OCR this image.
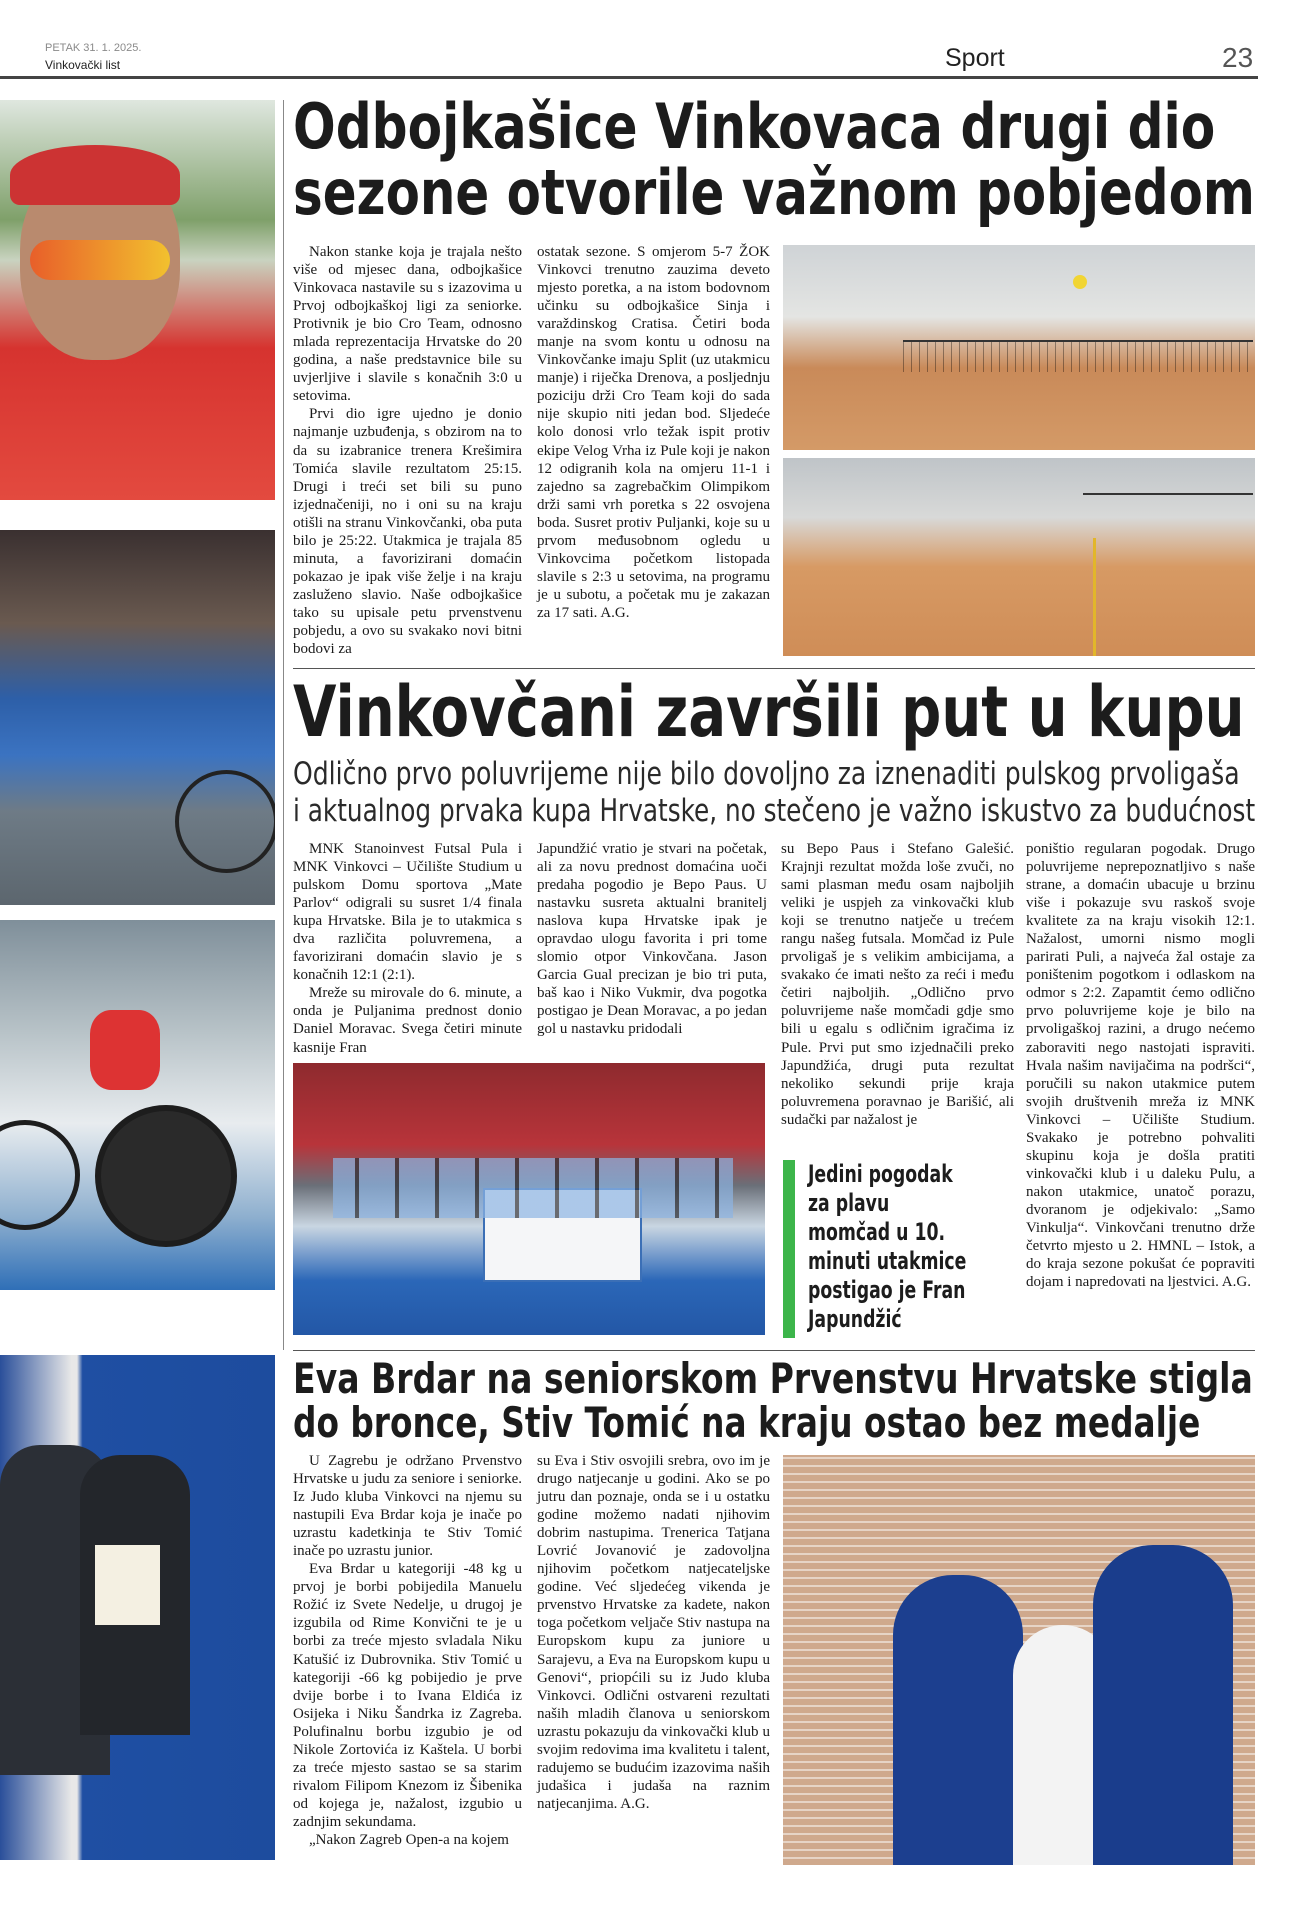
PETAK 31. 1. 2025.
Vinkovački list	Sport	23
Odbojkašice Vinkovaca drugi dio
sezone otvorile važnom pobjedom

Nakon stanke koja je trajala nešto više od mjesec dana, odbojkašice Vinkovaca nastavile su s izazovima u Prvoj odbojkaškoj ligi za seniorke. Protivnik je bio Cro Team, odnosno mlada reprezentacija Hrvatske do 20 godina, a naše predstavnice bile su uvjerljive i slavile s konačnih 3:0 u setovima.

Prvi dio igre ujedno je donio najmanje uzbuđenja, s obzirom na to da su izabranice trenera Krešimira Tomića slavile rezultatom 25:15. Drugi i treći set bili su puno izjednačeniji, no i oni su na kraju otišli na stranu Vinkovčanki, oba puta bilo je 25:22. Utakmica je trajala 85 minuta, a favorizirani domaćin pokazao je ipak više želje i na kraju zasluženo slavio. Naše odbojkašice tako su upisale petu prvenstvenu pobjedu, a ovo su svakako novi bitni bodovi za

ostatak sezone. S omjerom 5-7 ŽOK Vinkovci trenutno zauzima deveto mjesto poretka, a na istom bodovnom učinku su odbojkašice Sinja i varaždinskog Cratisa. Četiri boda manje na svom kontu u odnosu na Vinkovčanke imaju Split (uz utakmicu manje) i riječka Drenova, a posljednju poziciju drži Cro Team koji do sada nije skupio niti jedan bod. Sljedeće kolo donosi vrlo težak ispit protiv ekipe Velog Vrha iz Pule koji je nakon 12 odigranih kola na omjeru 11-1 i zajedno sa zagrebačkim Olimpikom drži sami vrh poretka s 22 osvojena boda. Susret protiv Puljanki, koje su u prvom međusobnom ogledu u Vinkovcima početkom listopada slavile s 2:3 u setovima, na programu je u subotu, a početak mu je zakazan za 17 sati. A.G.

Vinkovčani završili put u kupu
Odlično prvo poluvrijeme nije bilo dovoljno za iznenaditi pulskog prvoligaša
i aktualnog prvaka kupa Hrvatske, no stečeno je važno iskustvo za budućnost

MNK Stanoinvest Futsal Pula i MNK Vinkovci – Učilište Studium u pulskom Domu sportova „Mate Parlov“ odigrali su susret 1/4 finala kupa Hrvatske. Bila je to utakmica s dva različita poluvremena, a favorizirani domaćin slavio je s konačnih 12:1 (2:1).

Mreže su mirovale do 6. minute, a onda je Puljanima prednost donio Daniel Moravac. Svega četiri minute kasnije Fran

Japundžić vratio je stvari na početak, ali za novu prednost domaćina uoči predaha pogodio je Bepo Paus. U nastavku susreta aktualni branitelj naslova kupa Hrvatske ipak je opravdao ulogu favorita i pri tome slomio otpor Vinkovčana. Jason Garcia Gual precizan je bio tri puta, baš kao i Niko Vukmir, dva pogotka postigao je Dean Moravac, a po jedan gol u nastavku pridodali

su Bepo Paus i Stefano Galešić. Krajnji rezultat možda loše zvuči, no sami plasman među osam najboljih veliki je uspjeh za vinkovački klub koji se trenutno natječe u trećem rangu našeg futsala. Momčad iz Pule prvoligaš je s velikim ambicijama, a svakako će imati nešto za reći i među četiri najboljih. „Odlično prvo poluvrijeme naše momčadi gdje smo bili u egalu s odličnim igračima iz Pule. Prvi put smo izjednačili preko Japundžića, drugi puta rezultat nekoliko sekundi prije kraja poluvremena poravnao je Barišić, ali sudački par nažalost je

poništio regularan pogodak. Drugo poluvrijeme neprepoznatljivo s naše strane, a domaćin ubacuje u brzinu više i pokazuje svu raskoš svoje kvalitete za na kraju visokih 12:1. Nažalost, umorni nismo mogli parirati Puli, a najveća žal ostaje za poništenim pogotkom i odlaskom na odmor s 2:2. Zapamtit ćemo odlično prvo poluvrijeme koje je bilo na prvoligaškoj razini, a drugo nećemo zaboraviti nego nastojati ispraviti. Hvala našim navijačima na podršci“, poručili su nakon utakmice putem svojih društvenih mreža iz MNK Vinkovci – Učilište Studium. Svakako je potrebno pohvaliti skupinu koja je došla pratiti vinkovački klub i u daleku Pulu, a nakon utakmice, unatoč porazu, dvoranom je odjekivalo: „Samo Vinkulja“. Vinkovčani trenutno drže četvrto mjesto u 2. HMNL – Istok, a do kraja sezone pokušat će popraviti dojam i napredovati na ljestvici. A.G.

Jedini pogodak
za plavu
momčad u 10.
minuti utakmice
postigao je Fran
Japundžić
Eva Brdar na seniorskom Prvenstvu Hrvatske stigla
do bronce, Stiv Tomić na kraju ostao bez medalje

U Zagrebu je održano Prvenstvo Hrvatske u judu za seniore i seniorke. Iz Judo kluba Vinkovci na njemu su nastupili Eva Brdar koja je inače po uzrastu kadetkinja te Stiv Tomić inače po uzrastu junior.

Eva Brdar u kategoriji -48 kg u prvoj je borbi pobijedila Manuelu Rožić iz Svete Nedelje, u drugoj je izgubila od Rime Konvični te je u borbi za treće mjesto svladala Niku Katušić iz Dubrovnika. Stiv Tomić u kategoriji -66 kg pobijedio je prve dvije borbe i to Ivana Eldića iz Osijeka i Niku Šandrka iz Zagreba. Polufinalnu borbu izgubio je od Nikole Zortovića iz Kaštela. U borbi za treće mjesto sastao se sa starim rivalom Filipom Knezom iz Šibenika od kojega je, nažalost, izgubio u zadnjim sekundama.

„Nakon Zagreb Open-a na kojem

su Eva i Stiv osvojili srebra, ovo im je drugo natjecanje u godini. Ako se po jutru dan poznaje, onda se i u ostatku godine možemo nadati njihovim dobrim nastupima. Trenerica Tatjana Lovrić Jovanović je zadovoljna njihovim početkom natjecateljske godine. Već sljedećeg vikenda je prvenstvo Hrvatske za kadete, nakon toga početkom veljače Stiv nastupa na Europskom kupu za juniore u Sarajevu, a Eva na Europskom kupu u Genovi“, priopćili su iz Judo kluba Vinkovci. Odlični ostvareni rezultati naših mladih članova u seniorskom uzrastu pokazuju da vinkovački klub u svojim redovima ima kvalitetu i talent, radujemo se budućim izazovima naših judašica i judaša na raznim natjecanjima. A.G.
